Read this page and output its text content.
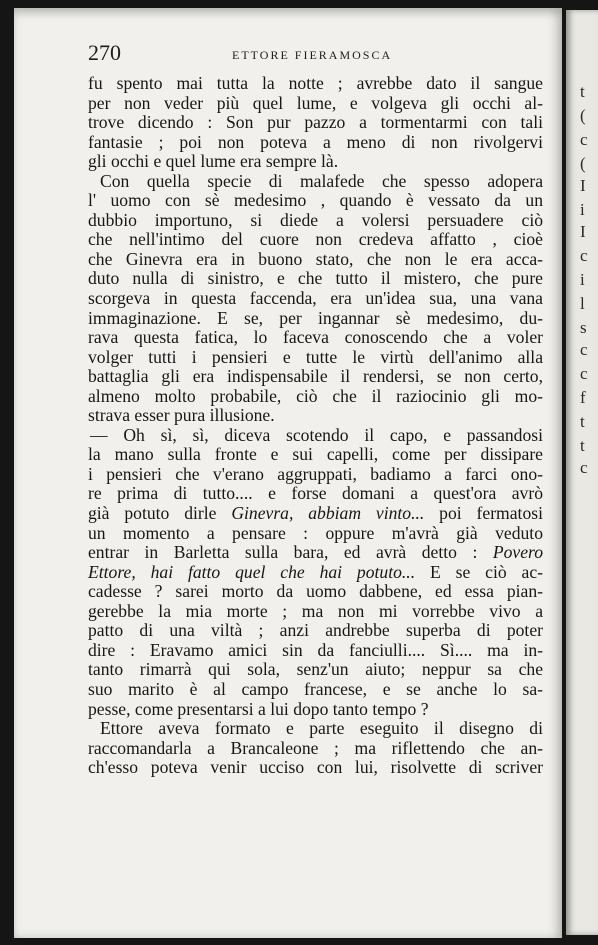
t
(
c
(
I
i
I
c
i
l
s
c
c
f
t
t
c
270	ETTORE FIERAMOSCA
fu spento mai tutta la notte ; avrebbe dato il sangue
per non veder più quel lume, e volgeva gli occhi al-
trove dicendo : Son pur pazzo a tormentarmi con tali
fantasie ; poi non poteva a meno di non rivolgervi
gli occhi e quel lume era sempre là.
Con quella specie di malafede che spesso adopera
l' uomo con sè medesimo , quando è vessato da un
dubbio importuno, si diede a volersi persuadere ciò
che nell'intimo del cuore non credeva affatto , cioè
che Ginevra era in buono stato, che non le era acca-
duto nulla di sinistro, e che tutto il mistero, che pure
scorgeva in questa faccenda, era un'idea sua, una vana
immaginazione. E se, per ingannar sè medesimo, du-
rava questa fatica, lo faceva conoscendo che a voler
volger tutti i pensieri e tutte le virtù dell'animo alla
battaglia gli era indispensabile il rendersi, se non certo,
almeno molto probabile, ciò che il raziocinio gli mo-
strava esser pura illusione.
— Oh sì, sì, diceva scotendo il capo, e passandosi
la mano sulla fronte e sui capelli, come per dissipare
i pensieri che v'erano aggruppati, badiamo a farci ono-
re prima di tutto.... e forse domani a quest'ora avrò
già potuto dirle Ginevra, abbiam vinto... poi fermatosi
un momento a pensare : oppure m'avrà già veduto
entrar in Barletta sulla bara, ed avrà detto : Povero
Ettore, hai fatto quel che hai potuto... E se ciò ac-
cadesse ? sarei morto da uomo dabbene, ed essa pian-
gerebbe la mia morte ; ma non mi vorrebbe vivo a
patto di una viltà ; anzi andrebbe superba di poter
dire : Eravamo amici sin da fanciulli.... Sì.... ma in-
tanto rimarrà qui sola, senz'un aiuto; neppur sa che
suo marito è al campo francese, e se anche lo sa-
pesse, come presentarsi a lui dopo tanto tempo ?
Ettore aveva formato e parte eseguito il disegno di
raccomandarla a Brancaleone ; ma riflettendo che an-
ch'esso poteva venir ucciso con lui, risolvette di scriver
